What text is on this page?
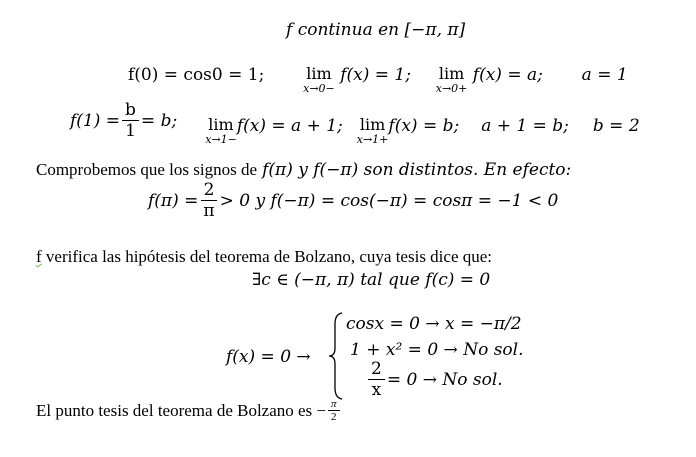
f continua en [−π, π]
f(0) = cos0 = 1;	lim
x→0−
f(x) = 1; lim
x→0+
f(x) = a; a = 1
$f(1) = \frac{b}{1} = b$; lim
x→1−
f(x) = a + 1; lim
x→1+
f(x) = b; a + 1 = b; b = 2
Comprobemos que los signos de f(π) y f(−π) son distintos. En efecto:
$f(\pi) = \frac{2}{\pi} > 0$ y f(−π) = cos(−π) = cosπ = −1 < 0
f verifica las hipótesis del teorema de Bolzano, cuya tesis dice que:
∃c ∈ (−π, π) tal que f(c) = 0
f(x) = 0 →
cosx = 0 → x = −π/2
1 + x² = 0 → No sol.
$\frac{2}{x} = 0 \to No$ sol.
El punto tesis del teorema de Bolzano es − $\frac{\pi}{2}$
